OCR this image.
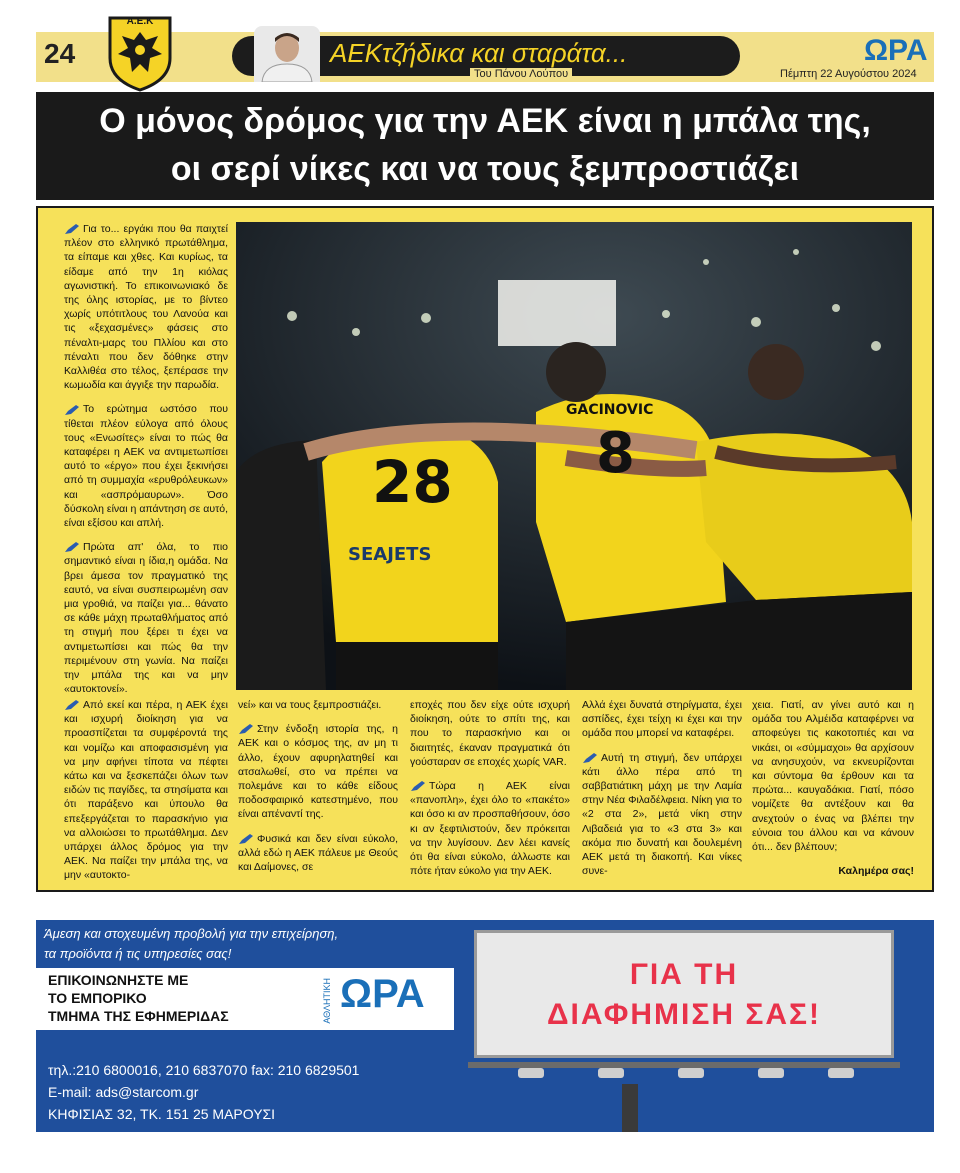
24
Α.Ε.Κ
ΑΕΚτζήδικα και σταράτα...
Του Πάνου Λούπου
ΩΡΑ
Πέμπτη 22 Αυγούστου 2024
Ο μόνος δρόμος για την ΑΕΚ είναι η μπάλα της,
οι σερί νίκες και να τους ξεμπροστιάζει
28	8
GACINOVIC
SEAJETS

Για το... εργάκι που θα παιχτεί πλέον στο ελληνικό πρωτάθλημα, τα είπαμε και χθες. Και κυρίως, τα είδαμε από την 1η κιόλας αγωνιστική. Το επικοινωνιακό δε της όλης ιστορίας, με το βίντεο χωρίς υπότιτλους του Λανούα και τις «ξεχασμένες» φάσεις στο πέναλτι-μαρς του Πλλίου και στο πέναλτι που δεν δόθηκε στην Καλλιθέα στο τέλος, ξεπέρασε την κωμωδία και άγγιξε την παρωδία.

Το ερώτημα ωστόσο που τίθεται πλέον εύλογα από όλους τους «Ενωσίτες» είναι το πώς θα καταφέρει η ΑΕΚ να αντιμετωπίσει αυτό το «έργο» που έχει ξεκινήσει από τη συμμαχία «ερυθρόλευκων» και «ασπρόμαυρων». Όσο δύσκολη είναι η απάντηση σε αυτό, είναι εξίσου και απλή.

Πρώτα απ' όλα, το πιο σημαντικό είναι η ίδια,η ομάδα. Να βρει άμεσα τον πραγματικό της εαυτό, να είναι συσπειρωμένη σαν μια γροθιά, να παίζει για... θάνατο σε κάθε μάχη πρωταθλήματος από τη στιγμή που ξέρει τι έχει να αντιμετωπίσει και πώς θα την περιμένουν στη γωνία. Να παίζει την μπάλα της και να μην «αυτοκτονεί».

Από εκεί και πέρα, η ΑΕΚ έχει και ισχυρή διοίκηση για να προασπίζεται τα συμφέροντά της και νομίζω και αποφασισμένη για να μην αφήνει τίποτα να πέφτει κάτω και να ξεσκεπάζει όλων των ειδών τις παγίδες, τα στησίματα και ότι παράξενο και ύπουλο θα επεξεργάζεται το παρασκήνιο για να αλλοιώσει το πρωτάθλημα. Δεν υπάρχει άλλος δρόμος για την ΑΕΚ. Να παίζει την μπάλα της, να μην «αυτοκτο-

νεί» και να τους ξεμπροστιάζει.

Στην ένδοξη ιστορία της, η ΑΕΚ και ο κόσμος της, αν μη τι άλλο, έχουν αφυρηλατηθεί και ατσαλωθεί, στο να πρέπει να πολεμάνε και το κάθε είδους ποδοσφαιρικό κατεστημένο, που είναι απέναντί της.

Φυσικά και δεν είναι εύκολο, αλλά εδώ η ΑΕΚ πάλευε με Θεούς και Δαίμονες, σε

εποχές που δεν είχε ούτε ισχυρή διοίκηση, ούτε το σπίτι της, και που το παρασκήνιο και οι διαιτητές, έκαναν πραγματικά ότι γούσταραν σε εποχές χωρίς VAR.

Τώρα η ΑΕΚ είναι «πανοπλη», έχει όλο το «πακέτο» και όσο κι αν προσπαθήσουν, όσο κι αν ξεφτιλιστούν, δεν πρόκειται να την λυγίσουν. Δεν λέει κανείς ότι θα είναι εύκολο, άλλωστε και πότε ήταν εύκολο για την ΑΕΚ.

Αλλά έχει δυνατά στηρίγματα, έχει ασπίδες, έχει τείχη κι έχει και την ομάδα που μπορεί να καταφέρει.

Αυτή τη στιγμή, δεν υπάρχει κάτι άλλο πέρα από τη σαββατιάτικη μάχη με την Λαμία στην Νέα Φιλαδέλφεια. Νίκη για το «2 στα 2», μετά νίκη στην Λιβαδειά για το «3 στα 3» και ακόμα πιο δυνατή και δουλεμένη ΑΕΚ μετά τη διακοπή. Και νίκες συνε-

χεια. Γιατί, αν γίνει αυτό και η ομάδα του Αλμέιδα καταφέρνει να αποφεύγει τις κακοτοπιές και να νικάει, οι «σύμμαχοι» θα αρχίσουν να ανησυχούν, να εκνευρίζονται και σύντομα θα έρθουν και τα πρώτα... καυγαδάκια. Γιατί, πόσο νομίζετε θα αντέξουν και θα ανεχτούν ο ένας να βλέπει την εύνοια του άλλου και να κάνουν ότι... δεν βλέπουν;

Καλημέρα σας!

Άμεση και στοχευμένη προβολή για την επιχείρηση,
τα προϊόντα ή τις υπηρεσίες σας!
ΕΠΙΚΟΙΝΩΝΗΣΤΕ ΜΕ
ΤΟ ΕΜΠΟΡΙΚΟ
ΤΜΗΜΑ ΤΗΣ ΕΦΗΜΕΡΙΔΑΣ	ΑΘΛΗΤΙΚΗ ΩΡΑ
τηλ.:210 6800016, 210 6837070 fax: 210 6829501
E-mail: ads@starcom.gr
ΚΗΦΙΣΙΑΣ 32, ΤΚ. 151 25 ΜΑΡΟΥΣΙ
ΓΙΑ ΤΗ
ΔΙΑΦΗΜΙΣΗ ΣΑΣ!
